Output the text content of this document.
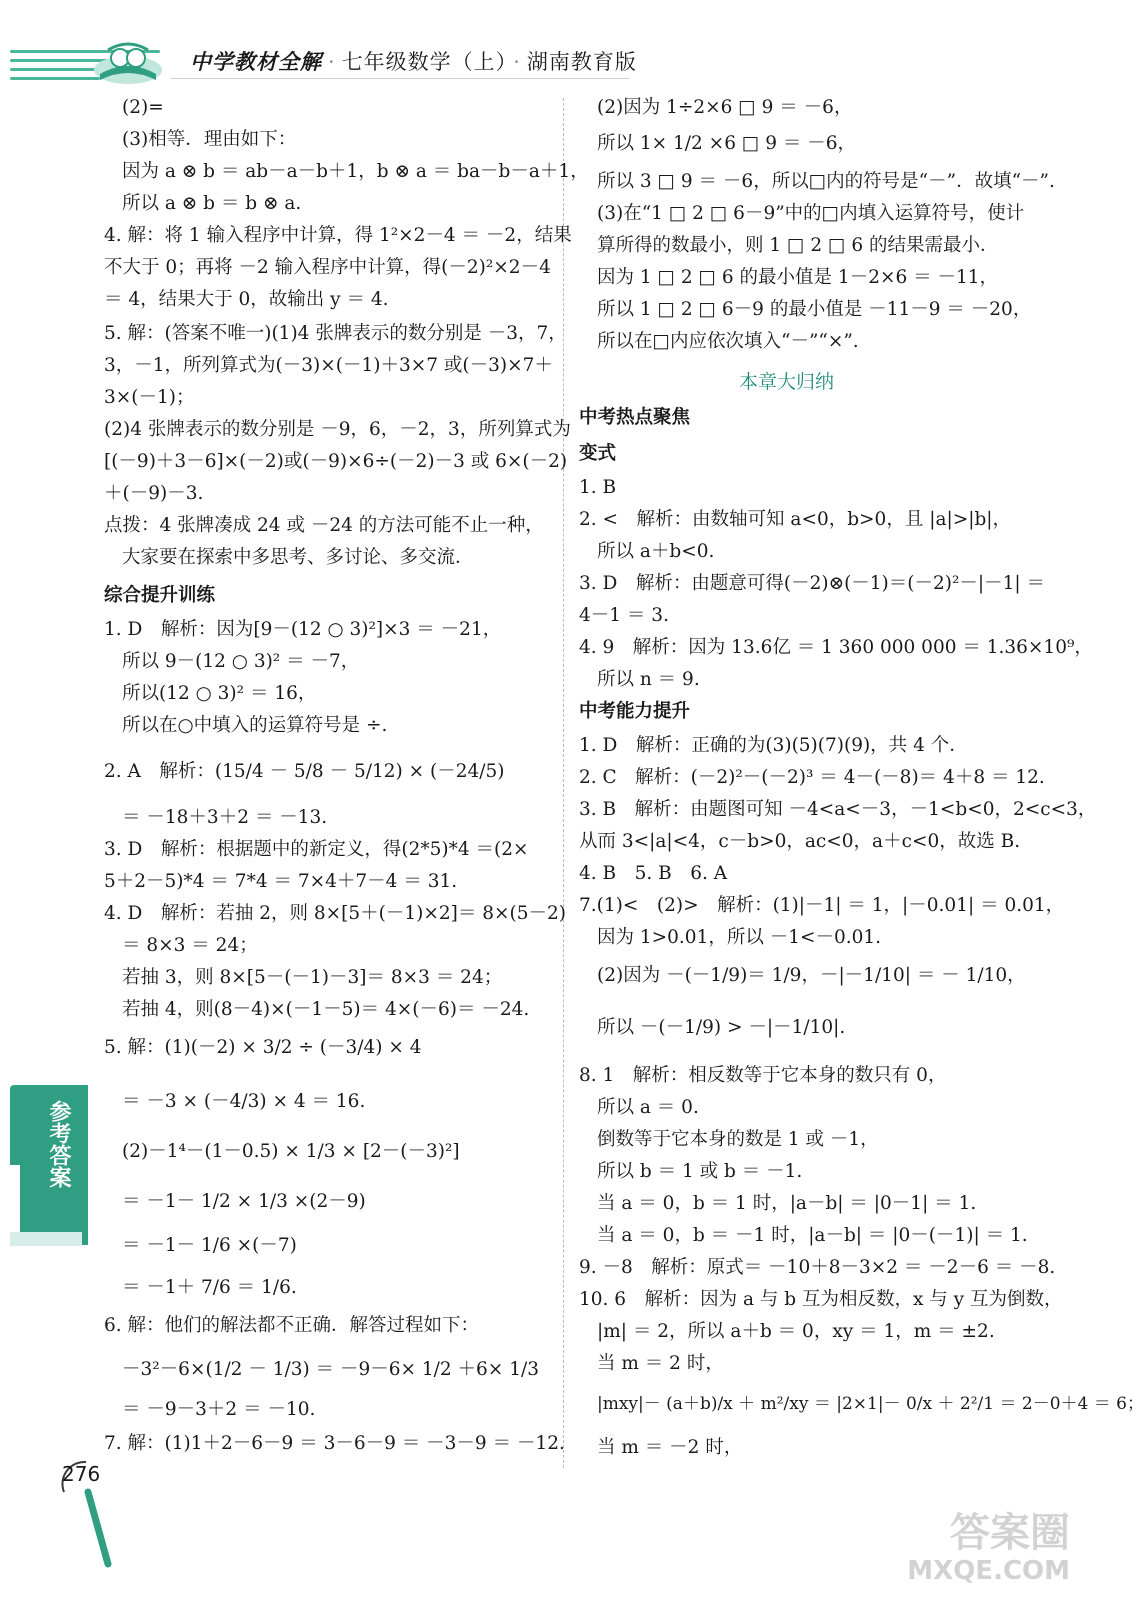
中学教材全解 · 七年级数学（上） · 湖南教育版
(2)=
(3)相等．理由如下：
因为 a ⊗ b ＝ ab－a－b＋1，b ⊗ a ＝ ba－b－a＋1，
所以 a ⊗ b ＝ b ⊗ a.
4. 解：将 1 输入程序中计算，得 1²×2－4 ＝ －2，结果
不大于 0；再将 －2 输入程序中计算，得(－2)²×2－4
＝ 4，结果大于 0，故输出 y ＝ 4.
5. 解：(答案不唯一)(1)4 张牌表示的数分别是 －3，7，
3，－1，所列算式为(－3)×(－1)＋3×7 或(－3)×7＋
3×(－1)；
(2)4 张牌表示的数分别是 －9，6，－2，3，所列算式为
[(－9)＋3－6]×(－2)或(－9)×6÷(－2)－3 或 6×(－2)
＋(－9)－3.
点拨：4 张牌凑成 24 或 －24 的方法可能不止一种，
大家要在探索中多思考、多讨论、多交流．
综合提升训练
1. D　解析：因为[9－(12 ○ 3)²]×3 ＝ －21，
所以 9－(12 ○ 3)² ＝ －7，
所以(12 ○ 3)² ＝ 16，
所以在○中填入的运算符号是 ÷.
2. A　解析：(15/4 － 5/8 － 5/12) × (－24/5)
＝ －18＋3＋2 ＝ －13.
3. D　解析：根据题中的新定义，得(2*5)*4 ＝(2×
5＋2－5)*4 ＝ 7*4 ＝ 7×4＋7－4 ＝ 31.
4. D　解析：若抽 2，则 8×[5＋(－1)×2]＝ 8×(5－2)
＝ 8×3 ＝ 24；
若抽 3，则 8×[5－(－1)－3]＝ 8×3 ＝ 24；
若抽 4，则(8－4)×(－1－5)＝ 4×(－6)＝ －24.
5. 解：(1)(－2) × 3/2 ÷ (－3/4) × 4
＝ －3 × (－4/3) × 4 ＝ 16.
(2)－1⁴－(1－0.5) × 1/3 × [2－(－3)²]
＝ －1－ 1/2 × 1/3 ×(2－9)
＝ －1－ 1/6 ×(－7)
＝ －1＋ 7/6 ＝ 1/6.
6. 解：他们的解法都不正确．解答过程如下：
－3²－6×(1/2 － 1/3) ＝ －9－6× 1/2 ＋6× 1/3
＝ －9－3＋2 ＝ －10.
7. 解：(1)1＋2－6－9 ＝ 3－6－9 ＝ －3－9 ＝ －12.
(2)因为 1÷2×6 □ 9 ＝ －6，
所以 1× 1/2 ×6 □ 9 ＝ －6，
所以 3 □ 9 ＝ －6，所以□内的符号是“－”．故填“－”.
(3)在“1 □ 2 □ 6－9”中的□内填入运算符号，使计
算所得的数最小，则 1 □ 2 □ 6 的结果需最小．
因为 1 □ 2 □ 6 的最小值是 1－2×6 ＝ －11，
所以 1 □ 2 □ 6－9 的最小值是 －11－9 ＝ －20，
所以在□内应依次填入“－”“×”.
本章大归纳
中考热点聚焦
变式
1. B
2. <　解析：由数轴可知 a<0，b>0，且 |a|>|b|，
所以 a＋b<0.
3. D　解析：由题意可得(－2)⊗(－1)＝(－2)²－|－1| ＝
4－1 ＝ 3.
4. 9　解析：因为 13.6亿 ＝ 1 360 000 000 ＝ 1.36×10⁹，
所以 n ＝ 9.
中考能力提升
1. D　解析：正确的为(3)(5)(7)(9)，共 4 个．
2. C　解析：(－2)²－(－2)³ ＝ 4－(－8)＝ 4＋8 ＝ 12.
3. B　解析：由题图可知 －4<a<－3，－1<b<0，2<c<3，
从而 3<|a|<4，c－b>0，ac<0，a＋c<0，故选 B.
4. B　5. B　6. A
7.(1)<　(2)>　解析：(1)|－1| ＝ 1，|－0.01| ＝ 0.01，
因为 1>0.01，所以 －1<－0.01.
(2)因为 －(－1/9)＝ 1/9，－|－1/10| ＝ － 1/10，
所以 －(－1/9) > －|－1/10|.
8. 1　解析：相反数等于它本身的数只有 0，
所以 a ＝ 0.
倒数等于它本身的数是 1 或 －1，
所以 b ＝ 1 或 b ＝ －1.
当 a ＝ 0，b ＝ 1 时，|a－b| ＝ |0－1| ＝ 1.
当 a ＝ 0，b ＝ －1 时，|a－b| ＝ |0－(－1)| ＝ 1.
9. －8　解析：原式＝ －10＋8－3×2 ＝ －2－6 ＝ －8.
10. 6　解析：因为 a 与 b 互为相反数，x 与 y 互为倒数，
|m| ＝ 2，所以 a＋b ＝ 0，xy ＝ 1，m ＝ ±2.
当 m ＝ 2 时，
|mxy|－ (a＋b)/x ＋ m²/xy ＝ |2×1|－ 0/x ＋ 2²/1 ＝ 2－0＋4 ＝ 6；
当 m ＝ －2 时，
参考答案
276
答案圈
MXQE.COM
